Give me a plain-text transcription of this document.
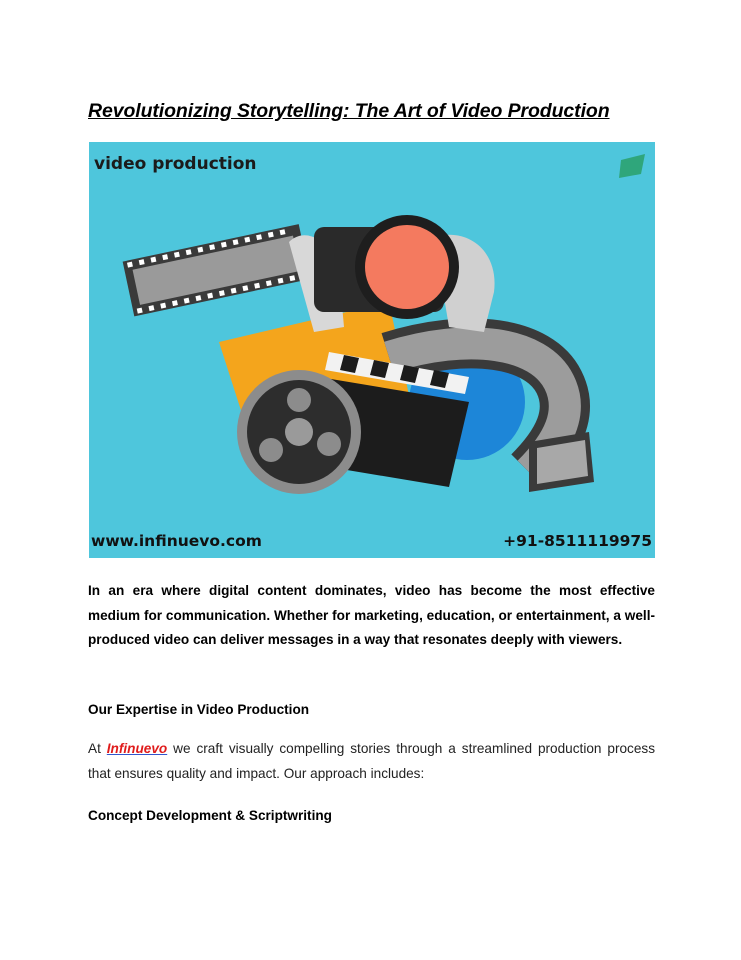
Revolutionizing Storytelling: The Art of Video Production
video production
www.infinuevo.com	+91-8511119975
In an era where digital content dominates, video has become the most effective medium for communication. Whether for marketing, education, or entertainment, a well-produced video can deliver messages in a way that resonates deeply with viewers.
Our Expertise in Video Production
At Infinuevo we craft visually compelling stories through a streamlined production process that ensures quality and impact. Our approach includes:
Concept Development & Scriptwriting
